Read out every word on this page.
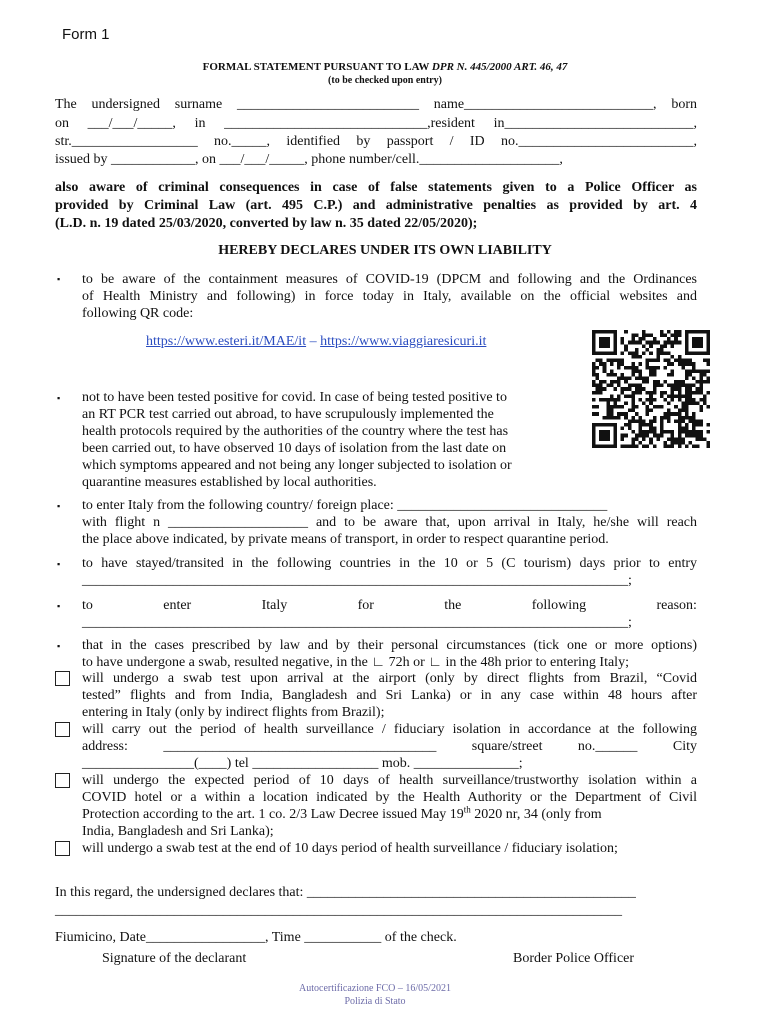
Form 1
FORMAL STATEMENT PURSUANT TO LAW DPR N. 445/2000 ART. 46, 47
(to be checked upon entry)
The undersigned surname __________________________ name___________________________, born
on ___/___/_____, in _____________________________,resident in___________________________,
str.__________________ no._____, identified by passport / ID no._________________________,
issued by ____________, on ___/___/_____, phone number/cell.____________________,
also aware of criminal consequences in case of false statements given to a Police Officer as
provided by Criminal Law (art. 495 C.P.) and administrative penalties as provided by art. 4
(L.D. n. 19 dated 25/03/2020, converted by law n. 35 dated 22/05/2020);
HEREBY DECLARES UNDER ITS OWN LIABILITY
▪ to be aware of the containment measures of COVID-19 (DPCM and following and the Ordinances
of Health Ministry and following) in force today in Italy, available on the official websites and
following QR code:
https://www.esteri.it/MAE/it – https://www.viaggiaresicuri.it
▪ not to have been tested positive for covid. In case of being tested positive to
an RT PCR test carried out abroad, to have scrupulously implemented the
health protocols required by the authorities of the country where the test has
been carried out, to have observed 10 days of isolation from the last date on
which symptoms appeared and not being any longer subjected to isolation or
quarantine measures established by local authorities.
▪ to enter Italy from the following country/ foreign place: ______________________________
with flight n ____________________ and to be aware that, upon arrival in Italy, he/she will reach
the place above indicated, by private means of transport, in order to respect quarantine period.
▪ to have stayed/transited in the following countries in the 10 or 5 (C tourism) days prior to entry
______________________________________________________________________________;
▪ to	enter	Italy	for	the	following	reason:
______________________________________________________________________________;
▪ that in the cases prescribed by law and by their personal circumstances (tick one or more options)
to have undergone a swab, resulted negative, in the ∟ 72h or ∟ in the 48h prior to entering Italy;
will undergo a swab test upon arrival at the airport (only by direct flights from Brazil, “Covid
tested” flights and from India, Bangladesh and Sri Lanka) or in any case within 48 hours after
entering in Italy (only by indirect flights from Brazil);
will carry out the period of health surveillance / fiduciary isolation in accordance at the following
address: _______________________________________ square/street no.______ City
________________(____) tel __________________ mob. _______________;
will undergo the expected period of 10 days of health surveillance/trustworthy isolation within a
COVID hotel or a within a location indicated by the Health Authority or the Department of Civil
Protection according to the art. 1 co. 2/3 Law Decree issued May 19th 2020 nr, 34 (only from
India, Bangladesh and Sri Lanka);
will undergo a swab test at the end of 10 days period of health surveillance / fiduciary isolation;
In this regard, the undersigned declares that: _______________________________________________
_________________________________________________________________________________
Fiumicino, Date_________________, Time ___________ of the check.
Signature of the declarant	Border Police Officer
Autocertificazione FCO – 16/05/2021
Polizia di Stato
